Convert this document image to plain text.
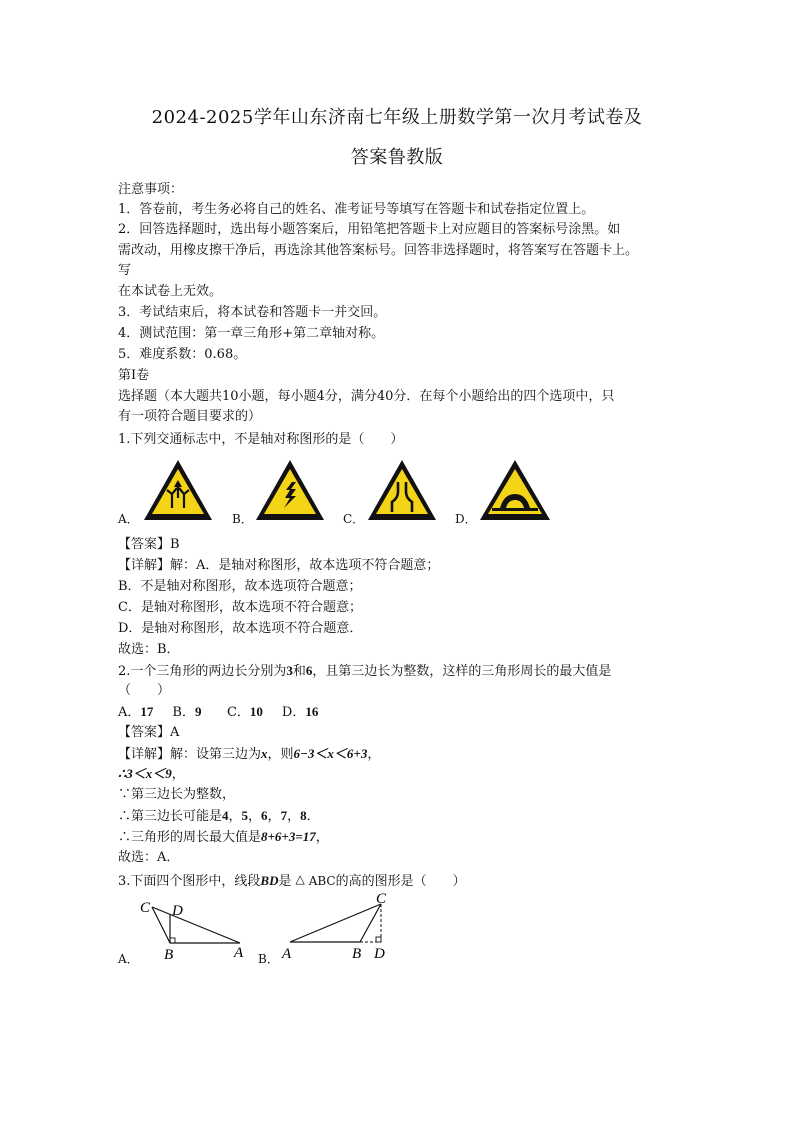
2024-2025学年山东济南七年级上册数学第一次月考试卷及
答案鲁教版
注意事项：
1．答卷前，考生务必将自己的姓名、准考证号等填写在答题卡和试卷指定位置上。
2．回答选择题时，选出每小题答案后，用铅笔把答题卡上对应题目的答案标号涂黑。如
需改动，用橡皮擦干净后，再选涂其他答案标号。回答非选择题时，将答案写在答题卡上。
写
在本试卷上无效。
3．考试结束后，将本试卷和答题卡一并交回。
4．测试范围：第一章三角形+第二章轴对称。
5．难度系数：0.68。
第Ⅰ卷
选择题（本大题共10小题，每小题4分，满分40分．在每个小题给出的四个选项中，只
有一项符合题目要求的）
1.下列交通标志中，不是轴对称图形的是（　　）
A．	B．	C．	D．
【答案】B
【详解】解：A．是轴对称图形，故本选项不符合题意；
B．不是轴对称图形，故本选项符合题意；
C．是轴对称图形，故本选项不符合题意；
D．是轴对称图形，故本选项不符合题意．
故选：B．
2.一个三角形的两边长分别为3和6，且第三边长为整数，这样的三角形周长的最大值是
（　　）
A．17 B．9 C．10 D．16
【答案】A
【详解】解：设第三边为x，则6−3＜x＜6+3，
∴3＜x＜9，
∵第三边长为整数，
∴第三边长可能是4，5，6，7，8．
∴三角形的周长最大值是8+6+3=17，
故选：A．
3.下面四个图形中，线段BD是 △ ABC的高的图形是（　　）
A．
C D
B	A B．
C
A	B D
